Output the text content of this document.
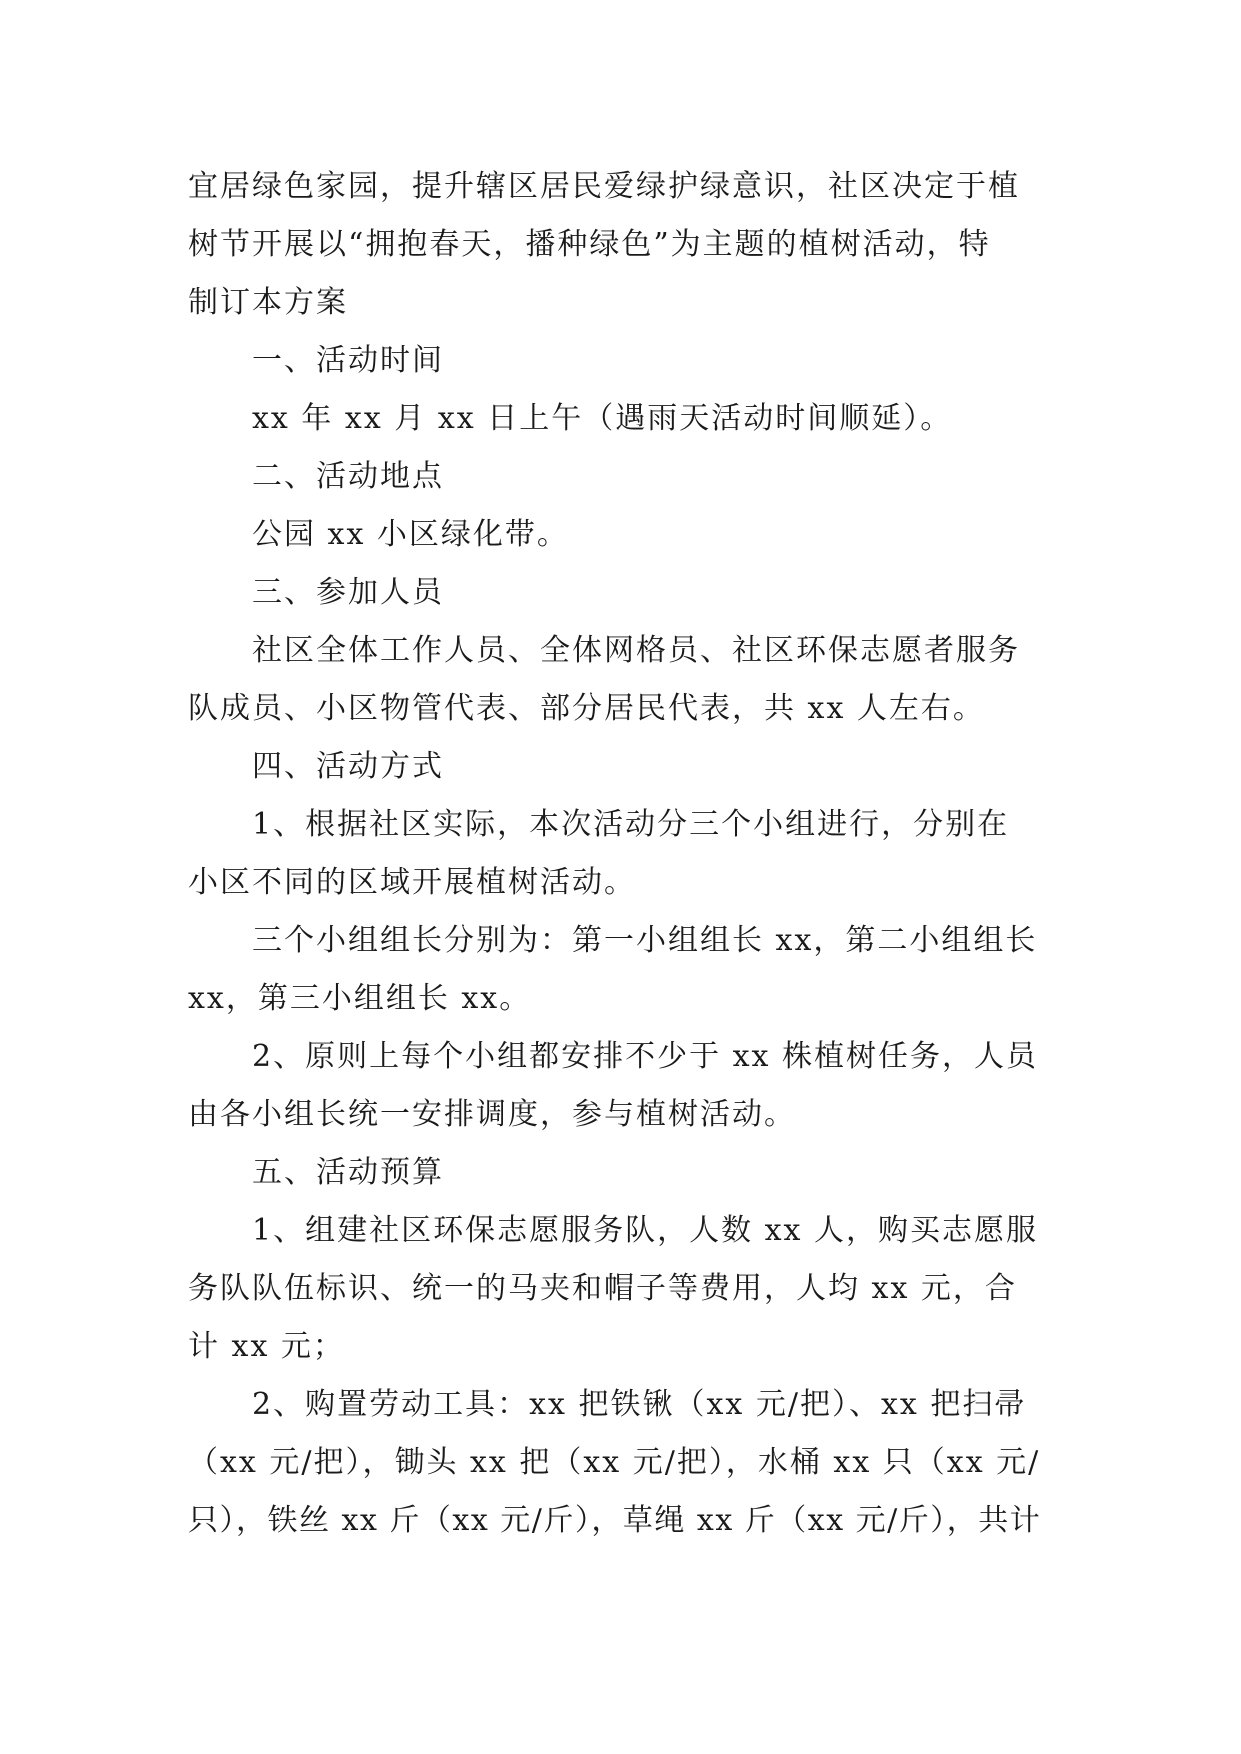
宜居绿色家园，提升辖区居民爱绿护绿意识，社区决定于植
树节开展以“拥抱春天，播种绿色”为主题的植树活动，特
制订本方案
一、活动时间
xx 年 xx 月 xx 日上午（遇雨天活动时间顺延）。
二、活动地点
公园 xx 小区绿化带。
三、参加人员
社区全体工作人员、全体网格员、社区环保志愿者服务
队成员、小区物管代表、部分居民代表，共 xx 人左右。
四、活动方式
1、根据社区实际，本次活动分三个小组进行，分别在
小区不同的区域开展植树活动。
三个小组组长分别为：第一小组组长 xx，第二小组组长
xx，第三小组组长 xx。
2、原则上每个小组都安排不少于 xx 株植树任务，人员
由各小组长统一安排调度，参与植树活动。
五、活动预算
1、组建社区环保志愿服务队，人数 xx 人，购买志愿服
务队队伍标识、统一的马夹和帽子等费用，人均 xx 元，合
计 xx 元；
2、购置劳动工具：xx 把铁锹（xx 元/把）、xx 把扫帚
（xx 元/把），锄头 xx 把（xx 元/把），水桶 xx 只（xx 元/
只），铁丝 xx 斤（xx 元/斤），草绳 xx 斤（xx 元/斤），共计
